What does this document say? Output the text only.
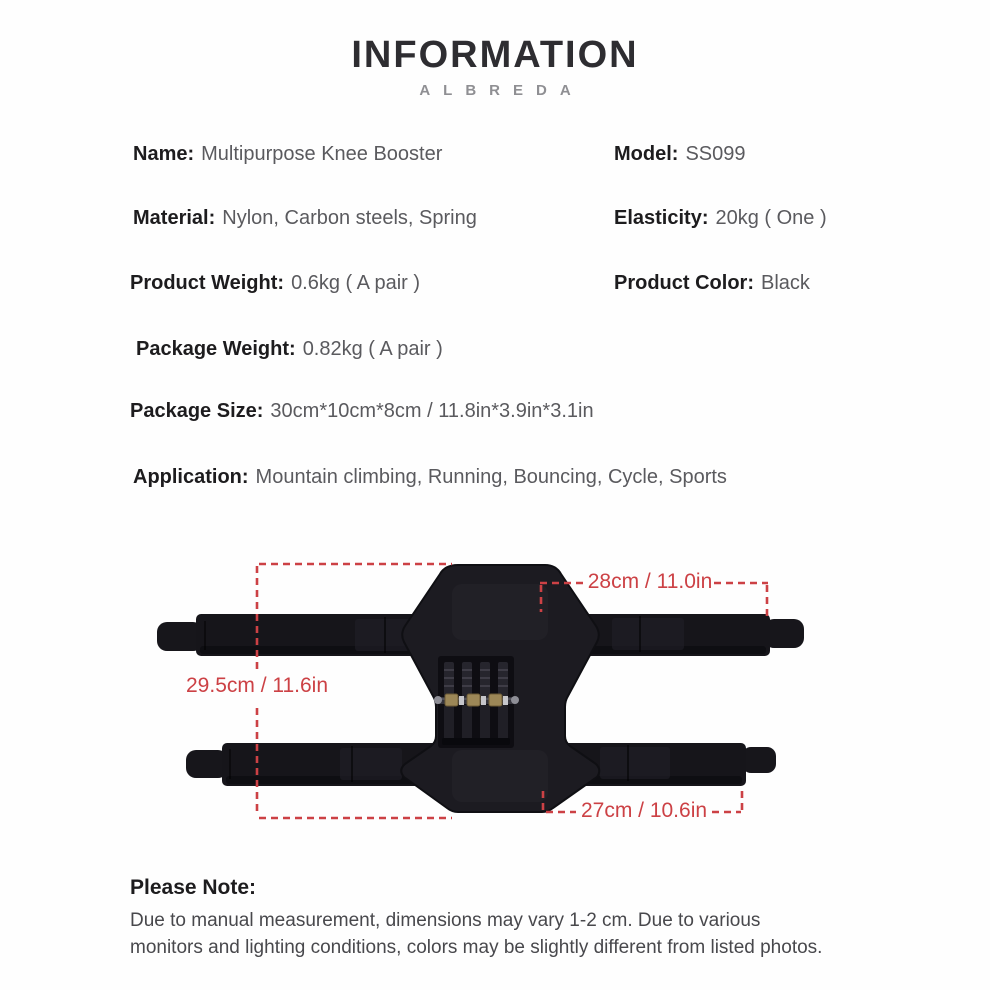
INFORMATION
ALBREDA
Name: Multipurpose Knee Booster	Model: SS099
Material: Nylon, Carbon steels, Spring	Elasticity: 20kg ( One )
Product Weight: 0.6kg ( A pair )	Product Color: Black
Package Weight: 0.82kg ( A pair )
Package Size: 30cm*10cm*8cm / 11.8in*3.9in*3.1in
Application: Mountain climbing, Running, Bouncing, Cycle, Sports
28cm / 11.0in
29.5cm / 11.6in
27cm / 10.6in
Please Note:
Due to manual measurement, dimensions may vary 1-2 cm. Due to various
monitors and lighting conditions, colors may be slightly different from listed photos.
